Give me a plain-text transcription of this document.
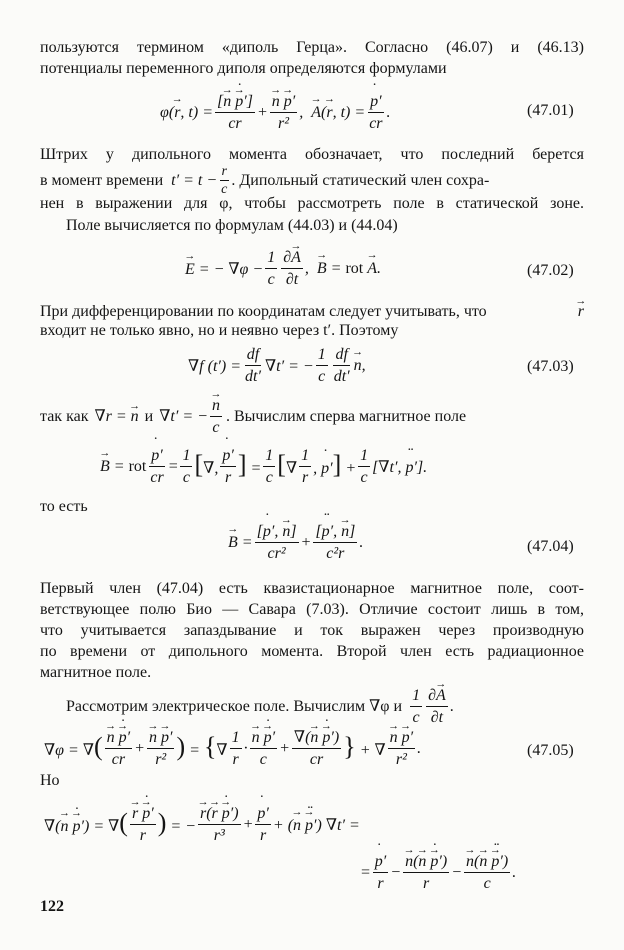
пользуются термином «диполь Герца». Согласно (46.07) и (46.13)

потенциалы переменного диполя определяются формулами

φ(→ r, $t) = \frac{[\to n \to p \cdot']}{cr}$ +
→ $\frac{n \to p'}{\text{r²}}$ ,
→ A(→ r, $t) = \frac{p \cdot'}{cr}$ .	(47.01)

Штрих у дипольного момента обозначает, что последний берется

в момент времени $t' = t - \frac{r}{c}$ . Дипольный статический член сохра-

нен в выражении для φ, чтобы рассмотреть поле в статической зоне.

Поле вычисляется по формулам (44.03) и (44.04)

→ E = − $\nabla\varphi - \frac{1}{c} \frac{\partial\to A}{\partial t}$ ,
→ B = rot → A.	(47.02)
При дифференцировании по координатам следует учитывать, что
→	r

входит не только явно, но и неявно через t′. Поэтому

∇f $(t') = \frac{df}{dt'} \nabla t'$ = − $\frac{1}{c} \frac{df}{dt'}$
→ n,	(47.03)
так как ∇r = → n и ∇t′ = −
→ $\frac{n}{c}$ . Вычислим сперва магнитное поле
→ B = rot $\frac{p \cdot'}{cr} = \frac{1}{c}$ [∇, $\frac{p \cdot'}{r}$ ] = $\frac{1}{c}$ [∇ $\frac{1}{r}$ , p ·′] + $\frac{1}{c} [\nabla t'$, p ··′].

то есть

→ $B = \frac{[p \cdot', \to n]}{\text{cr²}} + \frac{[p \cdot\cdot', \to n]}{\text{c²r}}$ .	(47.04)

Первый член (47.04) есть квазистационарное магнитное поле, соот-

ветствующее полю Био — Савара (7.03). Отличие состоит лишь в том,

что учитывается запаздывание и ток выражен через производную

по времени от дипольного момента. Второй член есть радиационное

магнитное поле.

Рассмотрим электрическое поле. Вычислим ∇φ и $\frac{1}{c} \frac{\partial\to A}{\partial t}$ .
∇φ = ∇(
→ $\frac{n \to p \cdot'}{cr}$ +
→ $\frac{n \to p'}{\text{r²}}$ ) = {∇ $\frac{1}{r}$ ·
→ $\frac{n \to p \cdot'}{c} + \frac{\nabla(\to n \to p \cdot')}{cr}$ } + ∇
→ $\frac{n \to p'}{\text{r²}}$ .	(47.05)

Но

∇(→ n → p ·′) = ∇(
→ $\frac{r \to p \cdot'}{r}$ ) = −
→ $\frac{r(\to r \to p \cdot')}{\text{r³}} + \frac{p \cdot'}{r}$ + (→ n → p ··′) ∇t′ =
= $\frac{p \cdot'}{r}$ −
→ $\frac{n(\to n \to p \cdot')}{r}$ −
→ $\frac{n(\to n \to p \cdot\cdot')}{c}$ .
122
